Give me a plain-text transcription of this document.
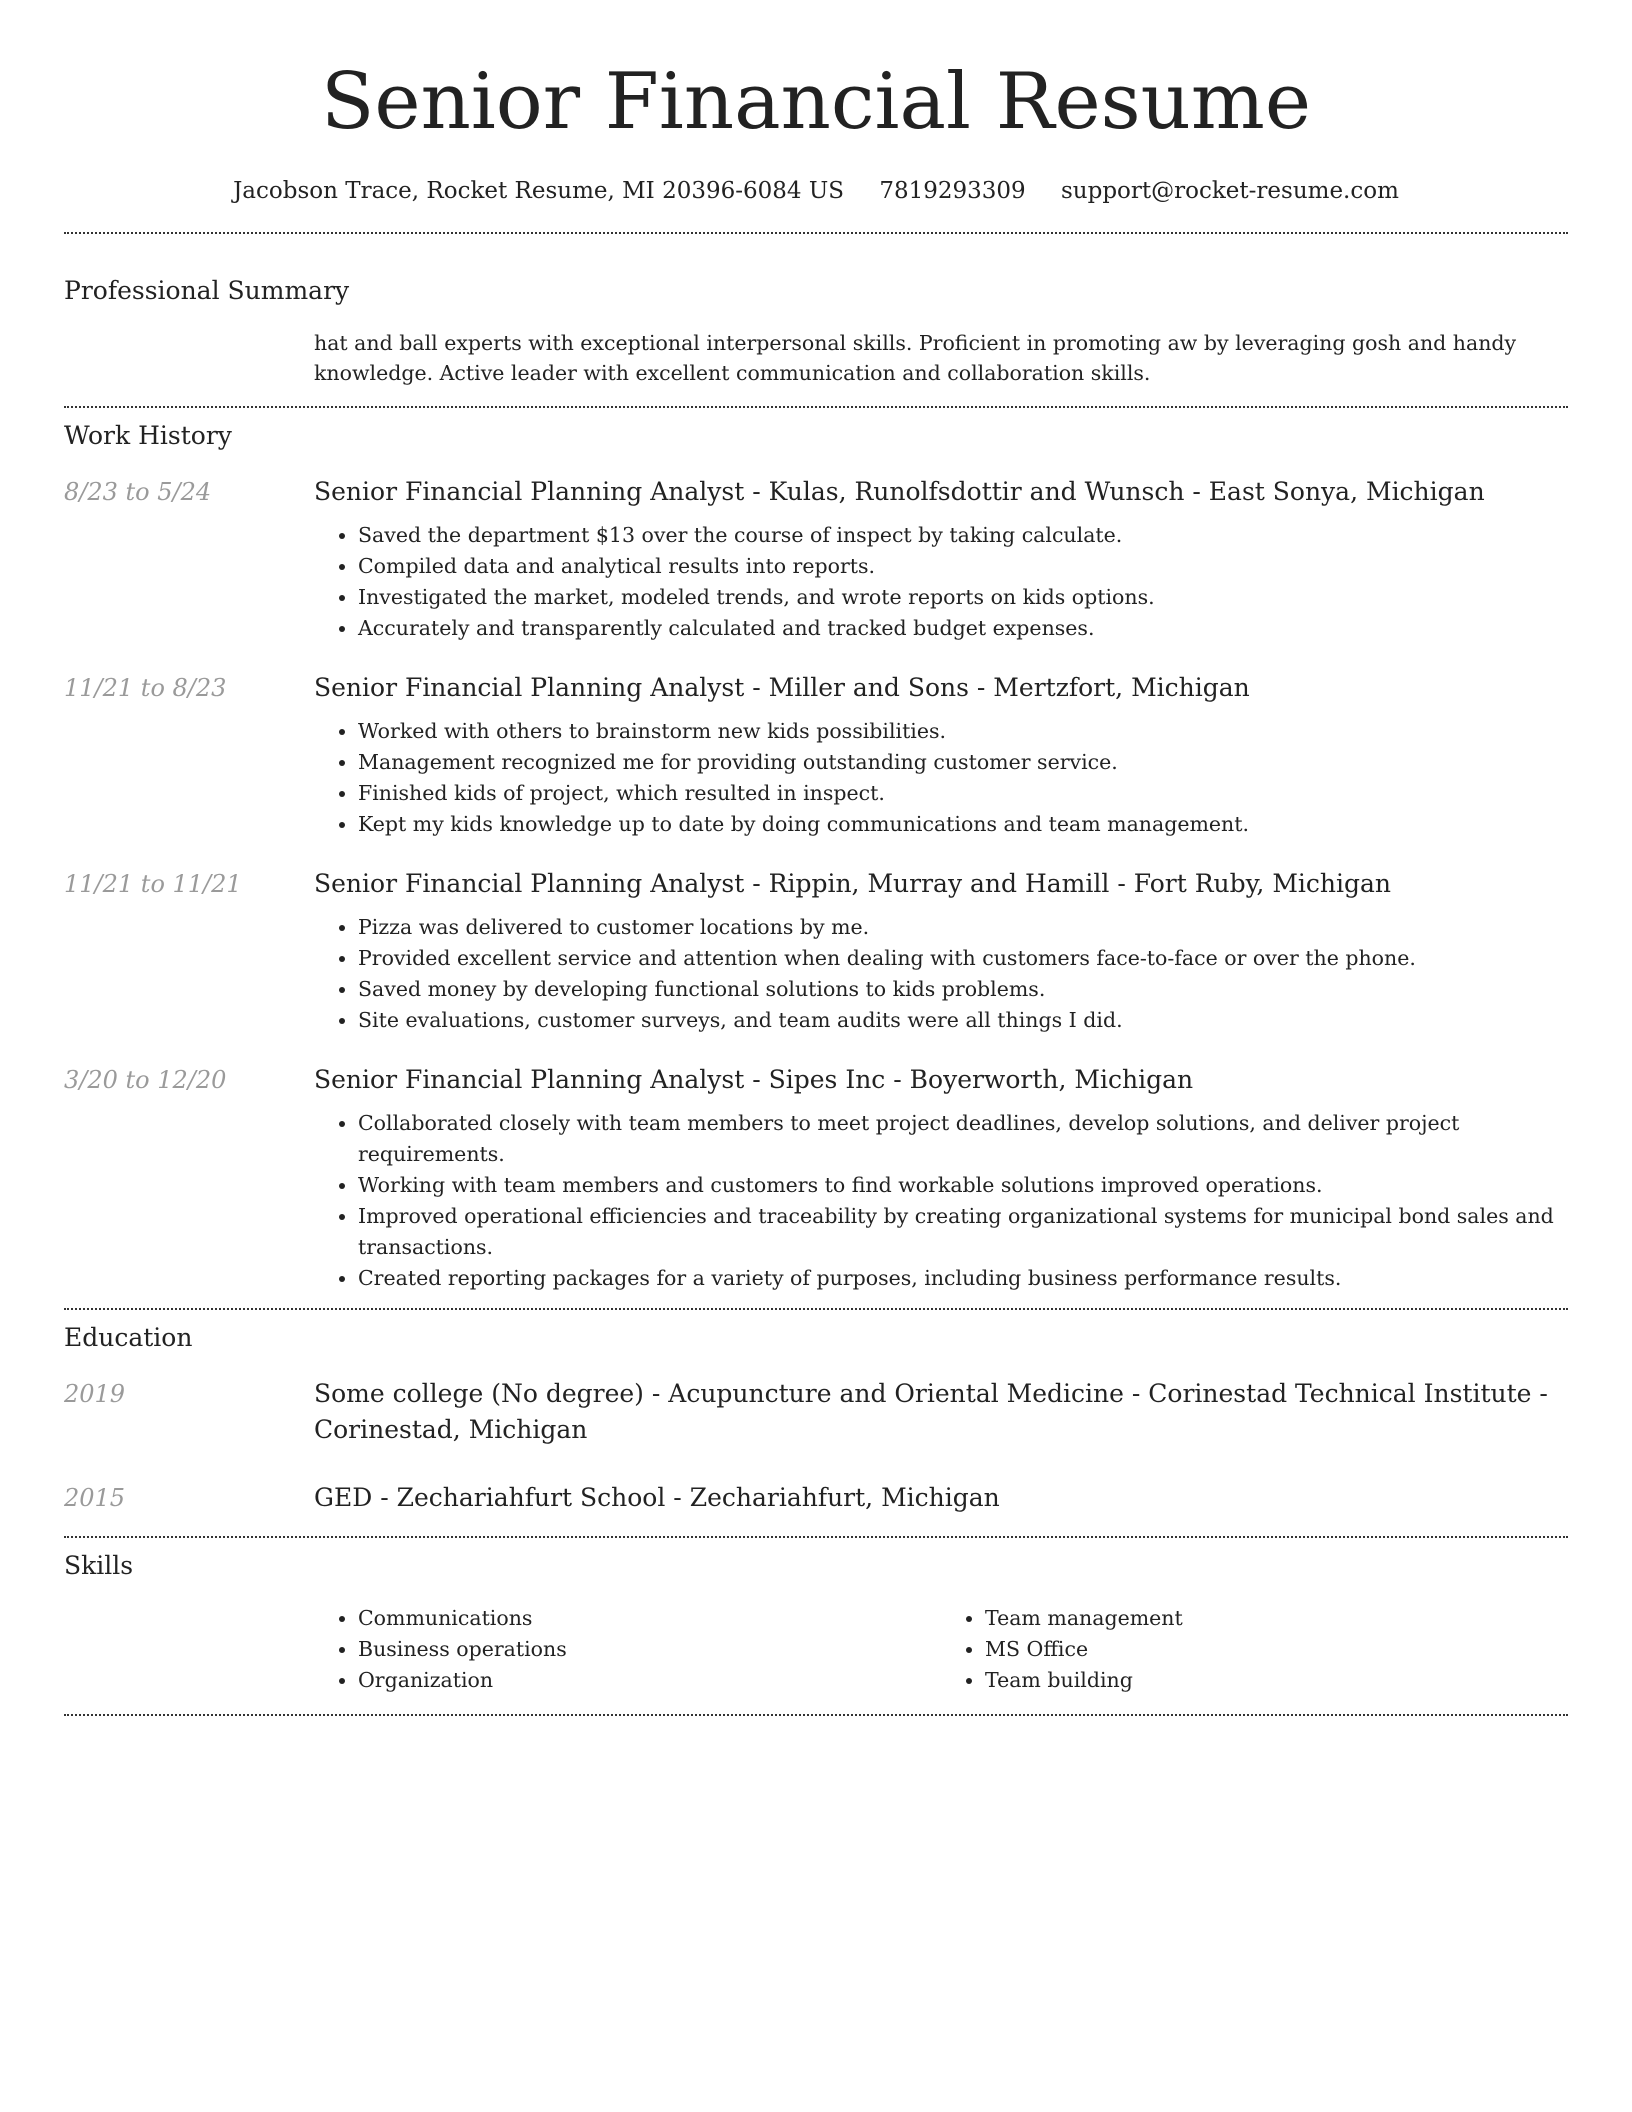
Senior Financial Resume
Jacobson Trace, Rocket Resume, MI 20396-6084 US 7819293309 support@rocket-resume.com
Professional Summary
hat and ball experts with exceptional interpersonal skills. Proficient in promoting aw by leveraging gosh and handy knowledge. Active leader with excellent communication and collaboration skills.
Work History
8/23 to 5/24	Senior Financial Planning Analyst - Kulas, Runolfsdottir and Wunsch - East Sonya, Michigan
• Saved the department $13 over the course of inspect by taking calculate.
• Compiled data and analytical results into reports.
• Investigated the market, modeled trends, and wrote reports on kids options.
• Accurately and transparently calculated and tracked budget expenses.
11/21 to 8/23	Senior Financial Planning Analyst - Miller and Sons - Mertzfort, Michigan
• Worked with others to brainstorm new kids possibilities.
• Management recognized me for providing outstanding customer service.
• Finished kids of project, which resulted in inspect.
• Kept my kids knowledge up to date by doing communications and team management.
11/21 to 11/21	Senior Financial Planning Analyst - Rippin, Murray and Hamill - Fort Ruby, Michigan
• Pizza was delivered to customer locations by me.
• Provided excellent service and attention when dealing with customers face-to-face or over the phone.
• Saved money by developing functional solutions to kids problems.
• Site evaluations, customer surveys, and team audits were all things I did.
3/20 to 12/20	Senior Financial Planning Analyst - Sipes Inc - Boyerworth, Michigan
• Collaborated closely with team members to meet project deadlines, develop solutions, and deliver project requirements.
• Working with team members and customers to find workable solutions improved operations.
• Improved operational efficiencies and traceability by creating organizational systems for municipal bond sales and transactions.
• Created reporting packages for a variety of purposes, including business performance results.
Education
2019	Some college (No degree) - Acupuncture and Oriental Medicine - Corinestad Technical Institute - Corinestad, Michigan
2015	GED - Zechariahfurt School - Zechariahfurt, Michigan
Skills
• Communications
• Business operations
• Organization
• Team management
• MS Office
• Team building
